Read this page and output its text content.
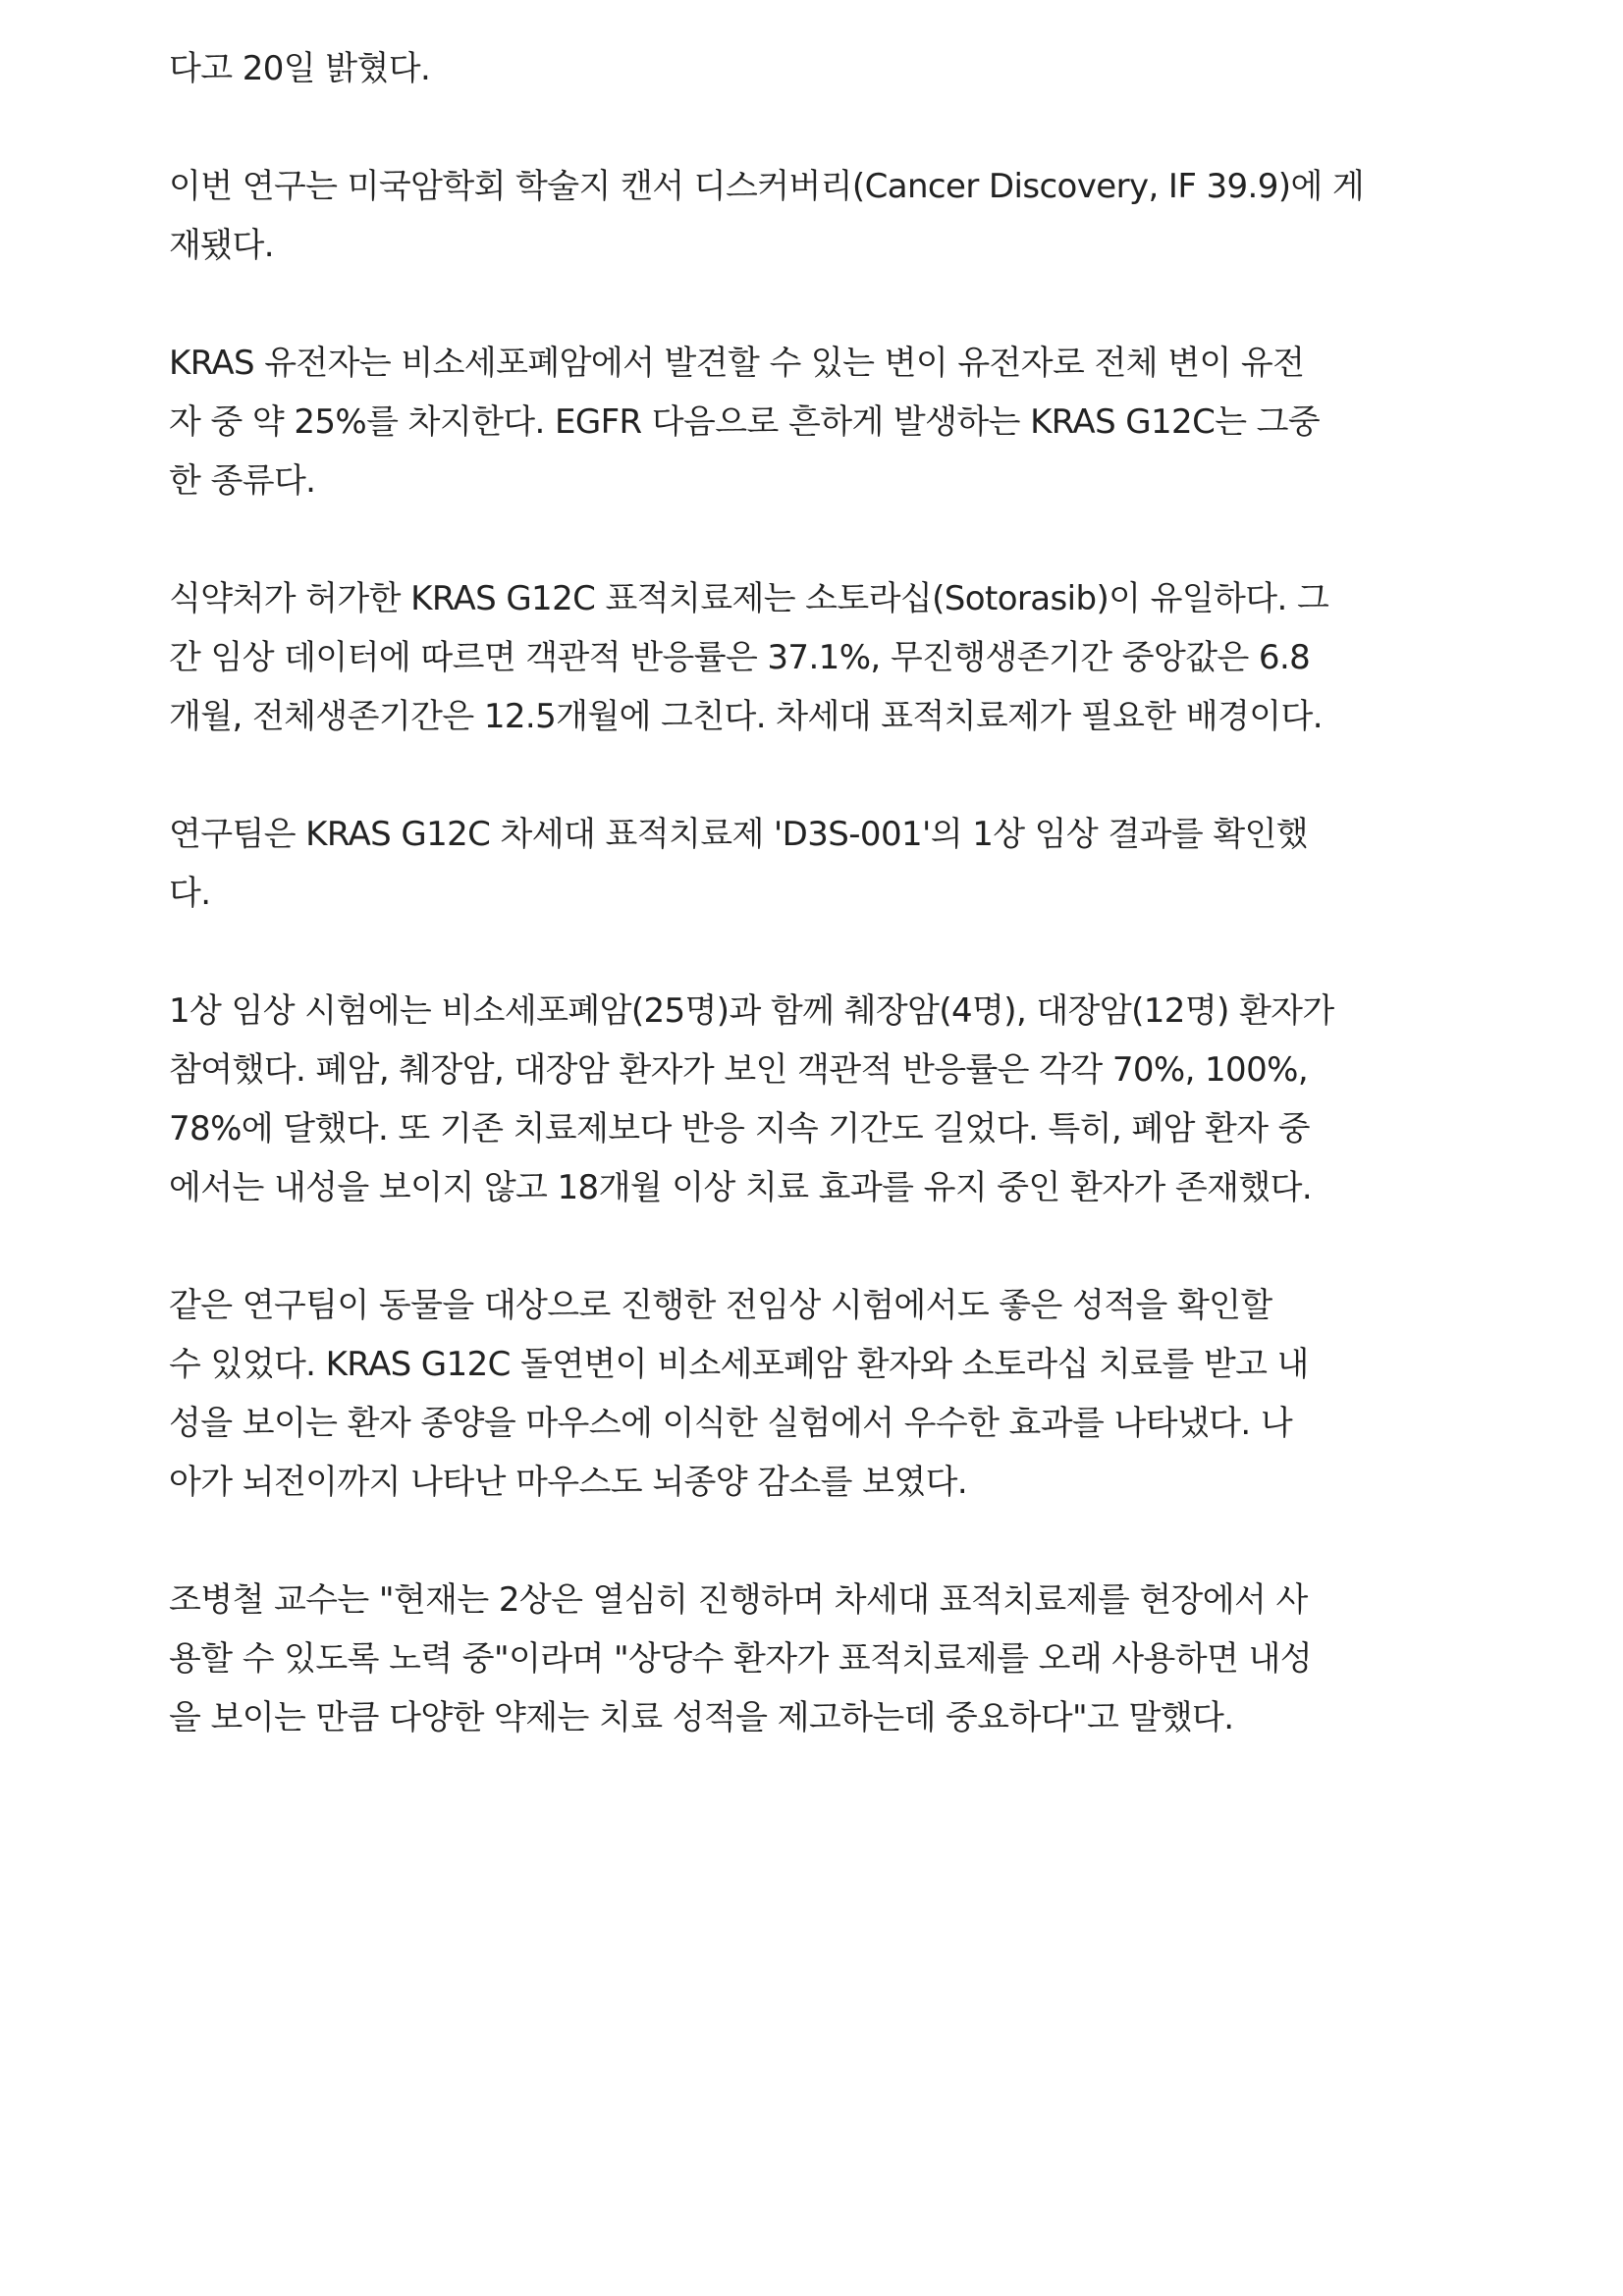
다고 20일 밝혔다.

이번 연구는 미국암학회 학술지 캔서 디스커버리(Cancer Discovery, IF 39.9)에 게
재됐다.

KRAS 유전자는 비소세포폐암에서 발견할 수 있는 변이 유전자로 전체 변이 유전
자 중 약 25%를 차지한다. EGFR 다음으로 흔하게 발생하는 KRAS G12C는 그중
한 종류다.

식약처가 허가한 KRAS G12C 표적치료제는 소토라십(Sotorasib)이 유일하다. 그
간 임상 데이터에 따르면 객관적 반응률은 37.1%, 무진행생존기간 중앙값은 6.8
개월, 전체생존기간은 12.5개월에 그친다. 차세대 표적치료제가 필요한 배경이다.

연구팀은 KRAS G12C 차세대 표적치료제 'D3S-001'의 1상 임상 결과를 확인했
다.

1상 임상 시험에는 비소세포폐암(25명)과 함께 췌장암(4명), 대장암(12명) 환자가
참여했다. 폐암, 췌장암, 대장암 환자가 보인 객관적 반응률은 각각 70%, 100%,
78%에 달했다. 또 기존 치료제보다 반응 지속 기간도 길었다. 특히, 폐암 환자 중
에서는 내성을 보이지 않고 18개월 이상 치료 효과를 유지 중인 환자가 존재했다.

같은 연구팀이 동물을 대상으로 진행한 전임상 시험에서도 좋은 성적을 확인할
수 있었다. KRAS G12C 돌연변이 비소세포폐암 환자와 소토라십 치료를 받고 내
성을 보이는 환자 종양을 마우스에 이식한 실험에서 우수한 효과를 나타냈다. 나
아가 뇌전이까지 나타난 마우스도 뇌종양 감소를 보였다.

조병철 교수는 "현재는 2상은 열심히 진행하며 차세대 표적치료제를 현장에서 사
용할 수 있도록 노력 중"이라며 "상당수 환자가 표적치료제를 오래 사용하면 내성
을 보이는 만큼 다양한 약제는 치료 성적을 제고하는데 중요하다"고 말했다.
